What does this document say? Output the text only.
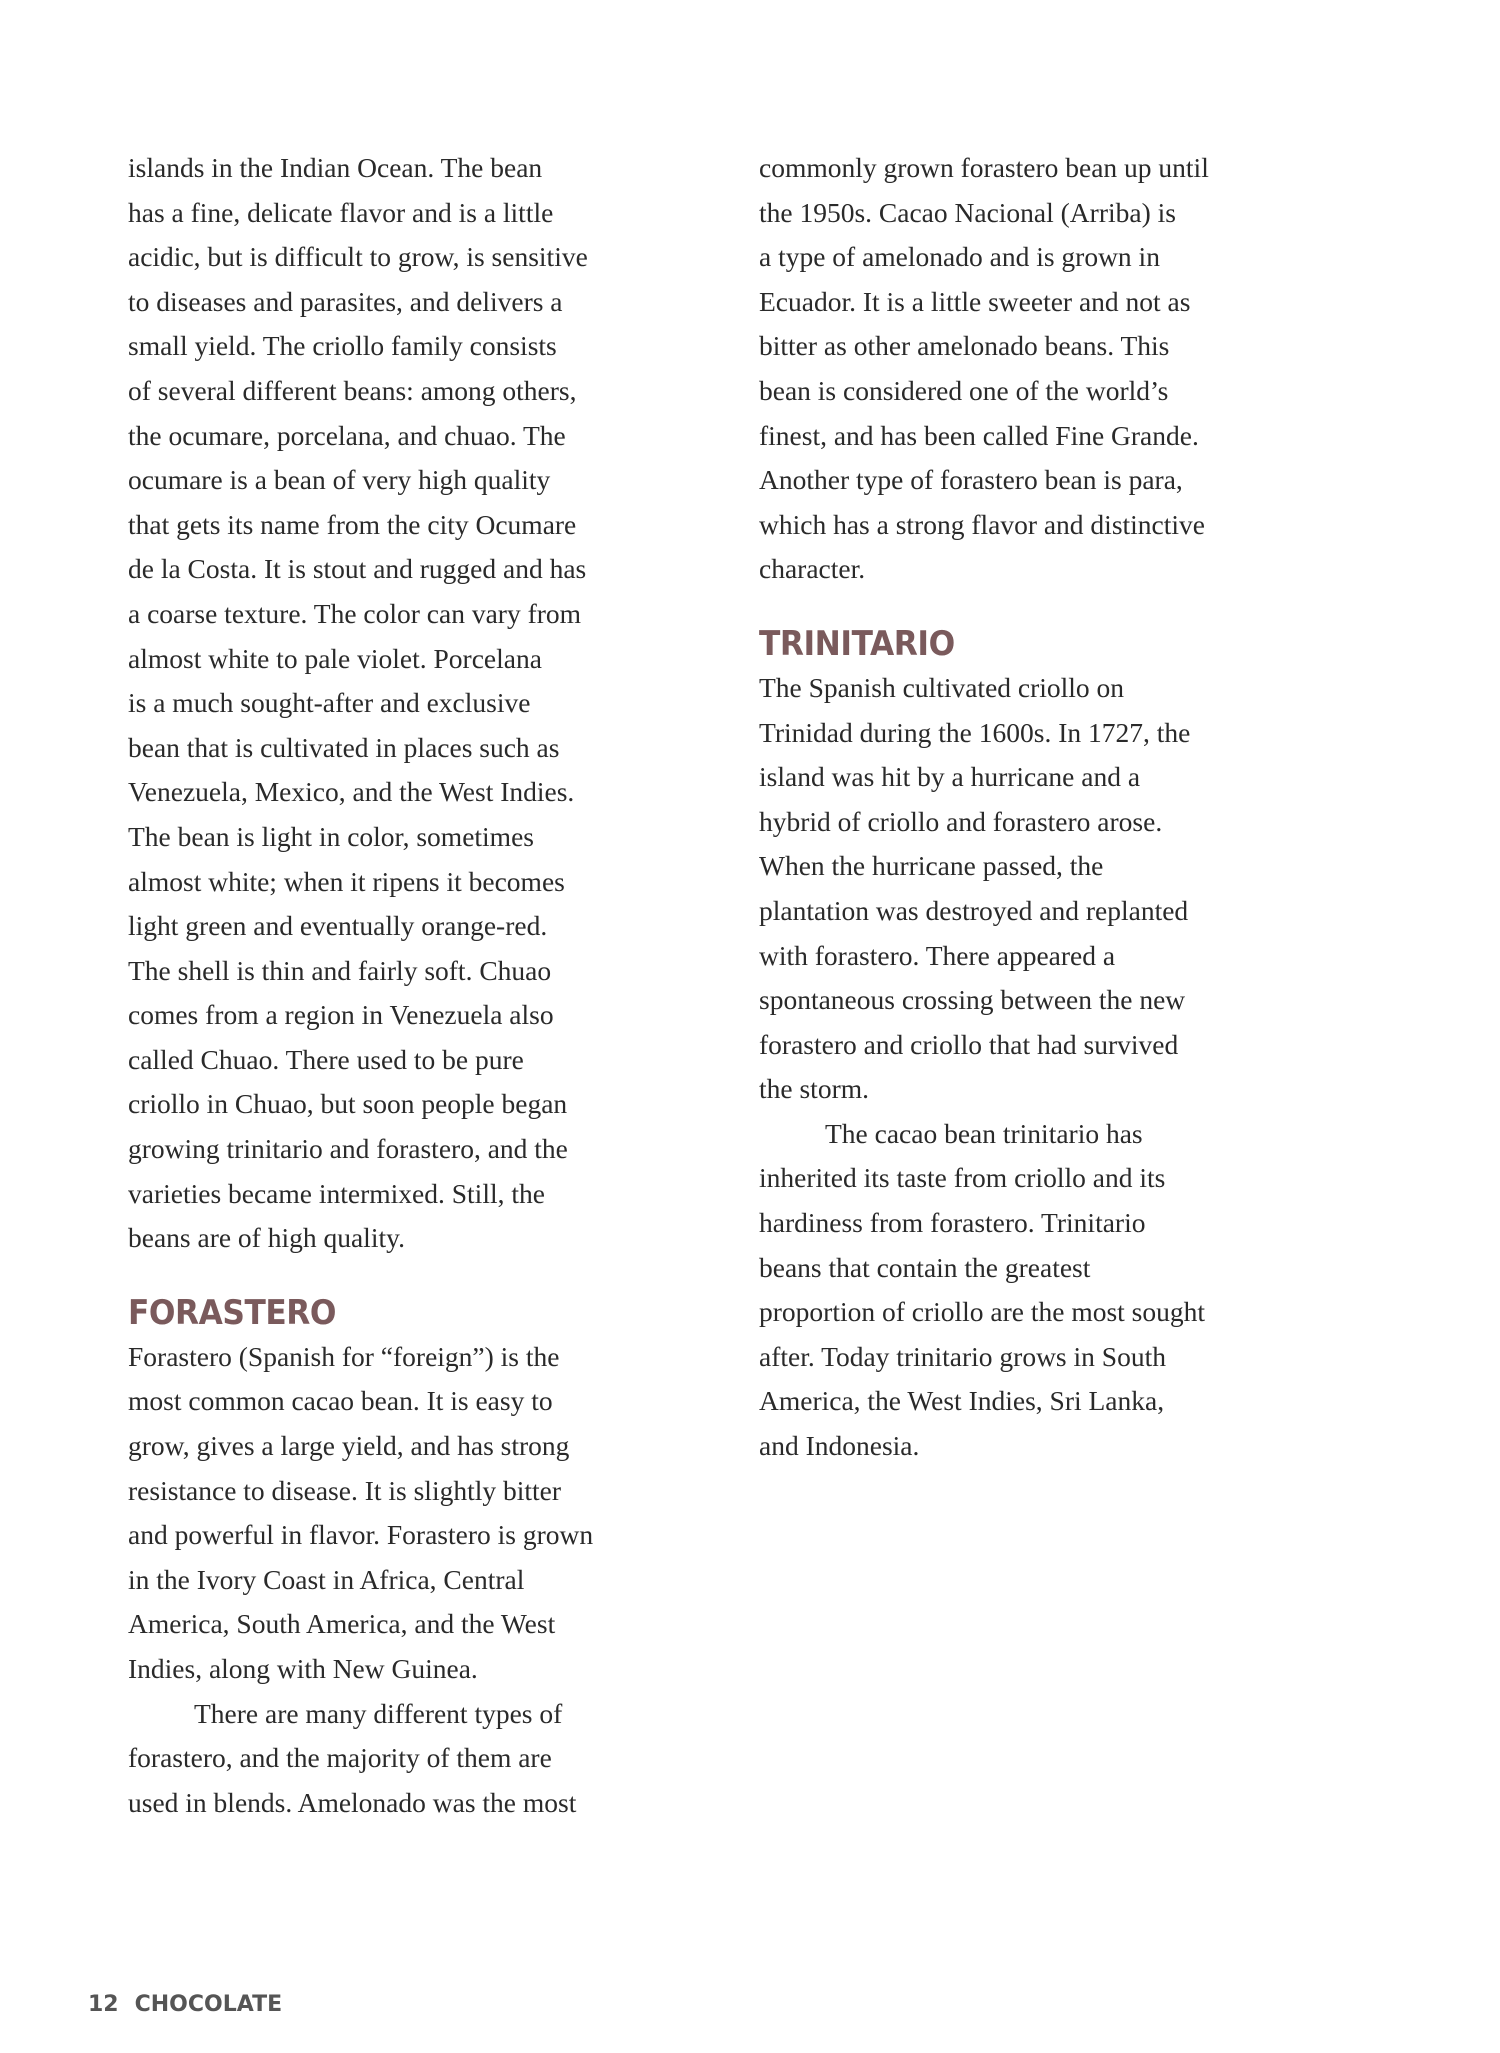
islands in the Indian Ocean. The bean
has a fine, delicate flavor and is a little
acidic, but is difficult to grow, is sensitive
to diseases and parasites, and delivers a
small yield. The criollo family consists
of several different beans: among others,
the ocumare, porcelana, and chuao. The
ocumare is a bean of very high quality
that gets its name from the city Ocumare
de la Costa. It is stout and rugged and has
a coarse texture. The color can vary from
almost white to pale violet. Porcelana
is a much sought-after and exclusive
bean that is cultivated in places such as
Venezuela, Mexico, and the West Indies.
The bean is light in color, sometimes
almost white; when it ripens it becomes
light green and eventually orange-red.
The shell is thin and fairly soft. Chuao
comes from a region in Venezuela also
called Chuao. There used to be pure
criollo in Chuao, but soon people began
growing trinitario and forastero, and the
varieties became intermixed. Still, the
beans are of high quality.
FORASTERO
Forastero (Spanish for “foreign”) is the
most common cacao bean. It is easy to
grow, gives a large yield, and has strong
resistance to disease. It is slightly bitter
and powerful in flavor. Forastero is grown
in the Ivory Coast in Africa, Central
America, South America, and the West
Indies, along with New Guinea.
There are many different types of
forastero, and the majority of them are
used in blends. Amelonado was the most
commonly grown forastero bean up until
the 1950s. Cacao Nacional (Arriba) is
a type of amelonado and is grown in
Ecuador. It is a little sweeter and not as
bitter as other amelonado beans. This
bean is considered one of the world’s
finest, and has been called Fine Grande.
Another type of forastero bean is para,
which has a strong flavor and distinctive
character.
TRINITARIO
The Spanish cultivated criollo on
Trinidad during the 1600s. In 1727, the
island was hit by a hurricane and a
hybrid of criollo and forastero arose.
When the hurricane passed, the
plantation was destroyed and replanted
with forastero. There appeared a
spontaneous crossing between the new
forastero and criollo that had survived
the storm.
The cacao bean trinitario has
inherited its taste from criollo and its
hardiness from forastero. Trinitario
beans that contain the greatest
proportion of criollo are the most sought
after. Today trinitario grows in South
America, the West Indies, Sri Lanka,
and Indonesia.
12 CHOCOLATE
